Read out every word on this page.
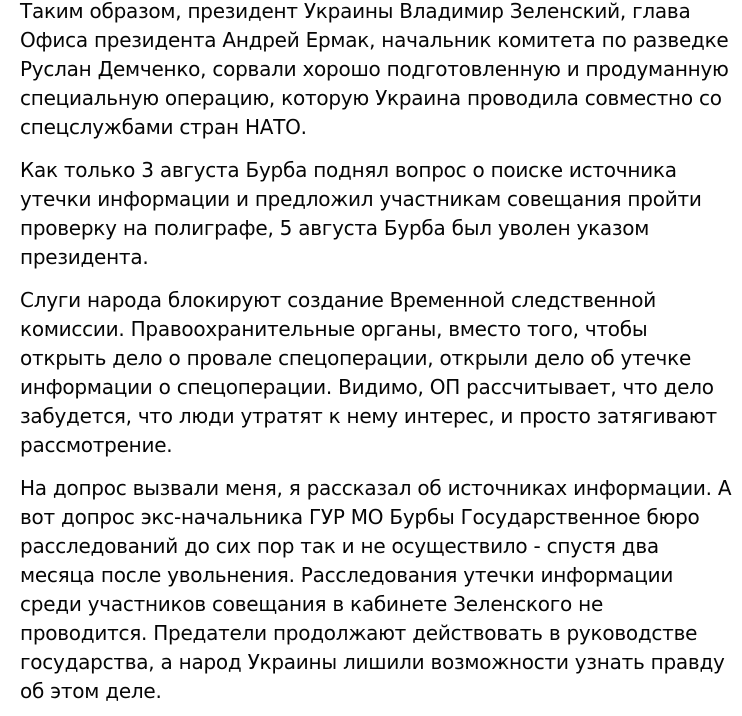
Таким образом, президент Украины Владимир Зеленский, глава Офиса президента Андрей Ермак, начальник комитета по разведке Руслан Демченко, сорвали хорошо подготовленную и продуманную специальную операцию, которую Украина проводила совместно со спецслужбами стран НАТО.

Как только 3 августа Бурба поднял вопрос о поиске источника утечки информации и предложил участникам совещания пройти проверку на полиграфе, 5 августа Бурба был уволен указом президента.

Слуги народа блокируют создание Временной следственной комиссии. Правоохранительные органы, вместо того, чтобы открыть дело о провале спецоперации, открыли дело об утечке информации о спецоперации. Видимо, ОП рассчитывает, что дело забудется, что люди утратят к нему интерес, и просто затягивают рассмотрение.

На допрос вызвали меня, я рассказал об источниках информации. А вот допрос экс-начальника ГУР МО Бурбы Государственное бюро расследований до сих пор так и не осуществило - спустя два месяца после увольнения. Расследования утечки информации среди участников совещания в кабинете Зеленского не проводится. Предатели продолжают действовать в руководстве государства, а народ Украины лишили возможности узнать правду об этом деле.
